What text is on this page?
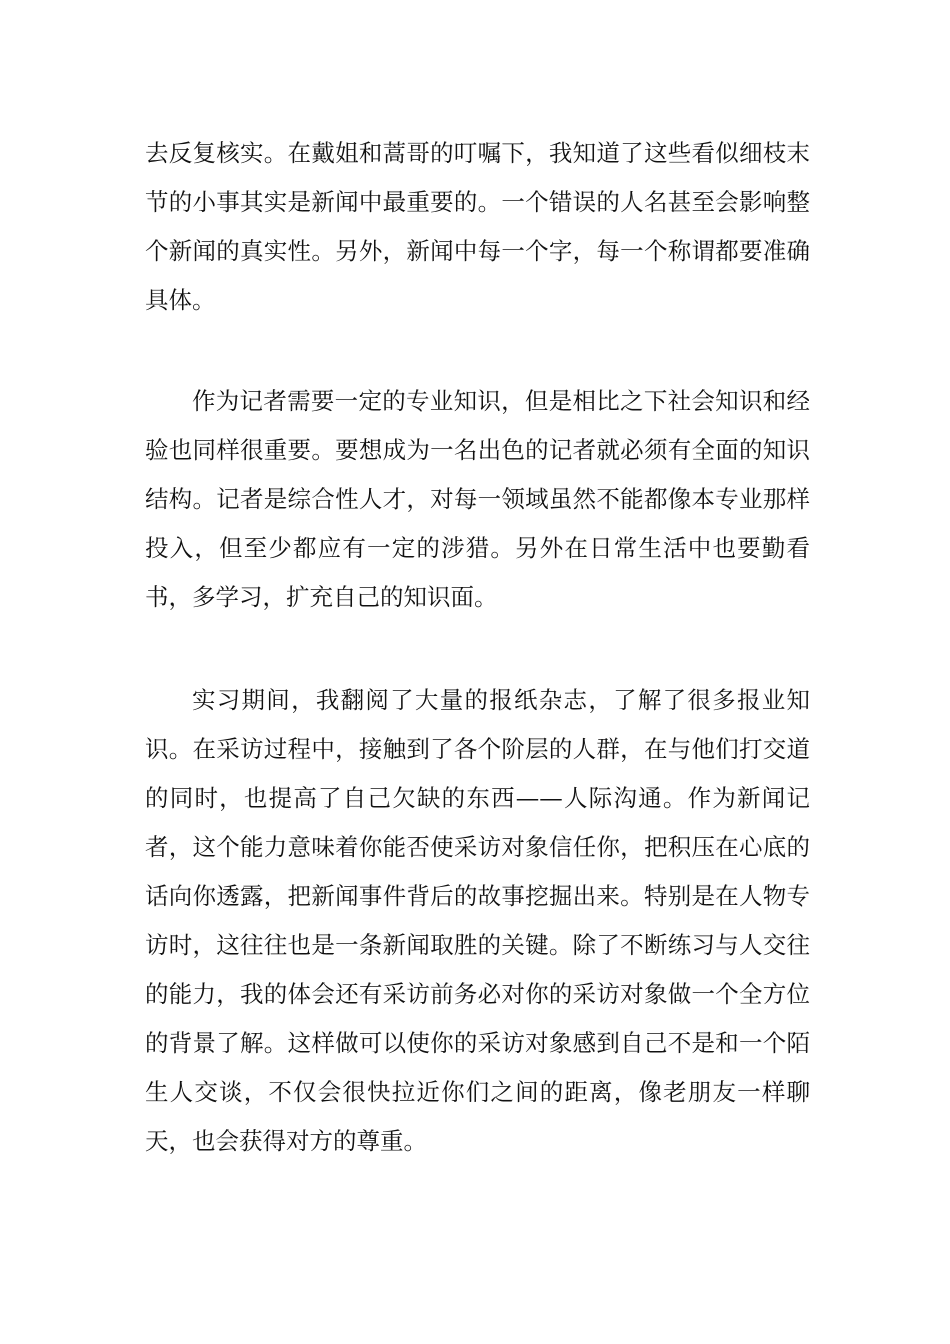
去反复核实。在戴姐和蒿哥的叮嘱下，我知道了这些看似细枝末节的小事其实是新闻中最重要的。一个错误的人名甚至会影响整个新闻的真实性。另外，新闻中每一个字，每一个称谓都要准确具体。

作为记者需要一定的专业知识，但是相比之下社会知识和经验也同样很重要。要想成为一名出色的记者就必须有全面的知识结构。记者是综合性人才，对每一领域虽然不能都像本专业那样投入，但至少都应有一定的涉猎。另外在日常生活中也要勤看书，多学习，扩充自己的知识面。

实习期间，我翻阅了大量的报纸杂志，了解了很多报业知识。在采访过程中，接触到了各个阶层的人群，在与他们打交道的同时，也提高了自己欠缺的东西——人际沟通。作为新闻记者，这个能力意味着你能否使采访对象信任你，把积压在心底的话向你透露，把新闻事件背后的故事挖掘出来。特别是在人物专访时，这往往也是一条新闻取胜的关键。除了不断练习与人交往的能力，我的体会还有采访前务必对你的采访对象做一个全方位的背景了解。这样做可以使你的采访对象感到自己不是和一个陌生人交谈，不仅会很快拉近你们之间的距离，像老朋友一样聊天，也会获得对方的尊重。
